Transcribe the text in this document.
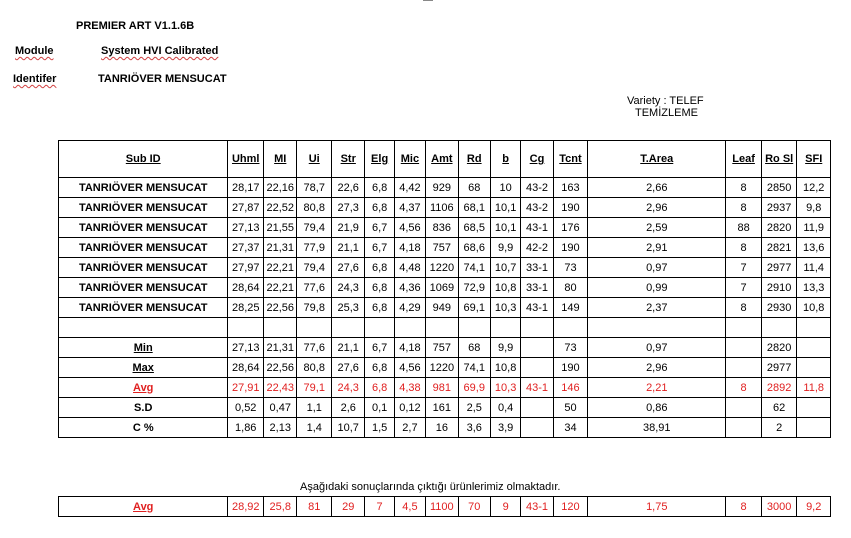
PREMIER ART V1.1.6B
Module	System HVI Calibrated
Identifer	TANRIÖVER MENSUCAT
Variety : TELEF
TEMİZLEME
Sub ID	Uhml	MI	Ui	Str	Elg	Mic	Amt	Rd	b	Cg	Tcnt	T.Area	Leaf	Ro Sl	SFI
TANRIÖVER MENSUCAT	28,17	22,16	78,7	22,6	6,8	4,42	929	68	10	43-2	163	2,66	8	2850	12,2
TANRIÖVER MENSUCAT	27,87	22,52	80,8	27,3	6,8	4,37	1106	68,1	10,1	43-2	190	2,96	8	2937	9,8
TANRIÖVER MENSUCAT	27,13	21,55	79,4	21,9	6,7	4,56	836	68,5	10,1	43-1	176	2,59	88	2820	11,9
TANRIÖVER MENSUCAT	27,37	21,31	77,9	21,1	6,7	4,18	757	68,6	9,9	42-2	190	2,91	8	2821	13,6
TANRIÖVER MENSUCAT	27,97	22,21	79,4	27,6	6,8	4,48	1220	74,1	10,7	33-1	73	0,97	7	2977	11,4
TANRIÖVER MENSUCAT	28,64	22,21	77,6	24,3	6,8	4,36	1069	72,9	10,8	33-1	80	0,99	7	2910	13,3
TANRIÖVER MENSUCAT	28,25	22,56	79,8	25,3	6,8	4,29	949	69,1	10,3	43-1	149	2,37	8	2930	10,8

Min	27,13	21,31	77,6	21,1	6,7	4,18	757	68	9,9		73	0,97		2820	
Max	28,64	22,56	80,8	27,6	6,8	4,56	1220	74,1	10,8		190	2,96		2977	
Avg	27,91	22,43	79,1	24,3	6,8	4,38	981	69,9	10,3	43-1	146	2,21	8	2892	11,8
S.D	0,52	0,47	1,1	2,6	0,1	0,12	161	2,5	0,4		50	0,86		62	
C %	1,86	2,13	1,4	10,7	1,5	2,7	16	3,6	3,9		34	38,91		2	
Aşağıdaki sonuçlarında çıktığı ürünlerimiz olmaktadır.
Avg	28,92	25,8	81	29	7	4,5	1100	70	9	43-1	120	1,75	8	3000	9,2
